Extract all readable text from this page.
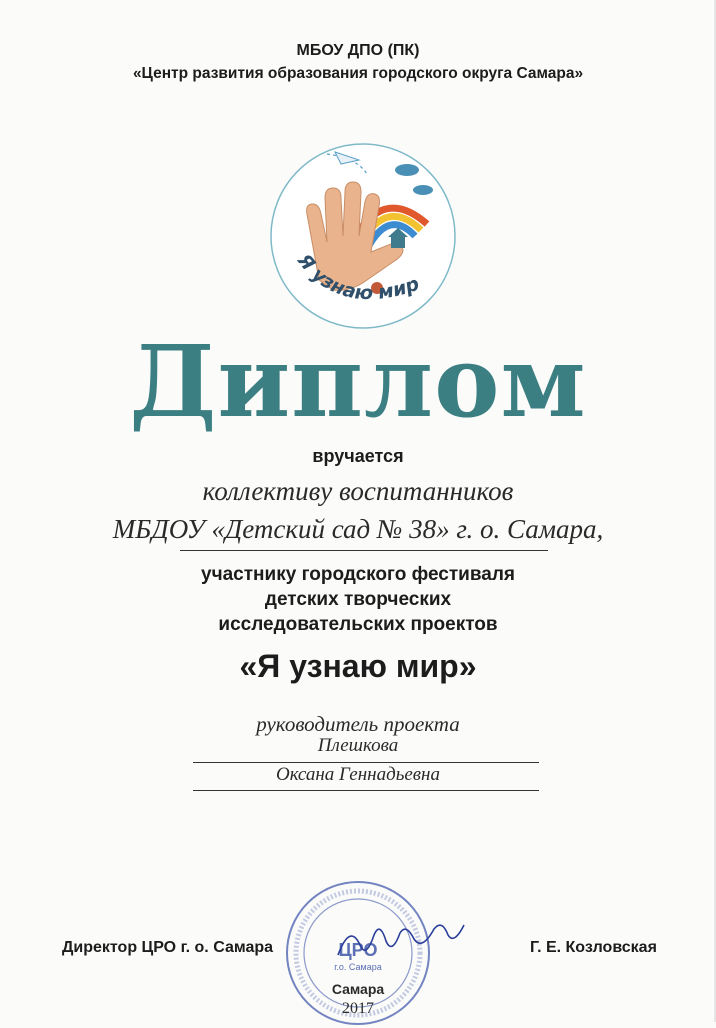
МБОУ ДПО (ПК)
«Центр развития образования городского округа Самара»
Я узнаю мир
Диплом
вручается
коллективу воспитанников
МБДОУ «Детский сад № 38» г. о. Самара,
участнику городского фестиваля
детских творческих
исследовательских проектов
«Я узнаю мир»
руководитель проекта
Плешкова
Оксана Геннадьевна
Директор ЦРО г. о. Самара	Г. Е. Козловская
ЦРО
г.о. Самара
Самара
2017
